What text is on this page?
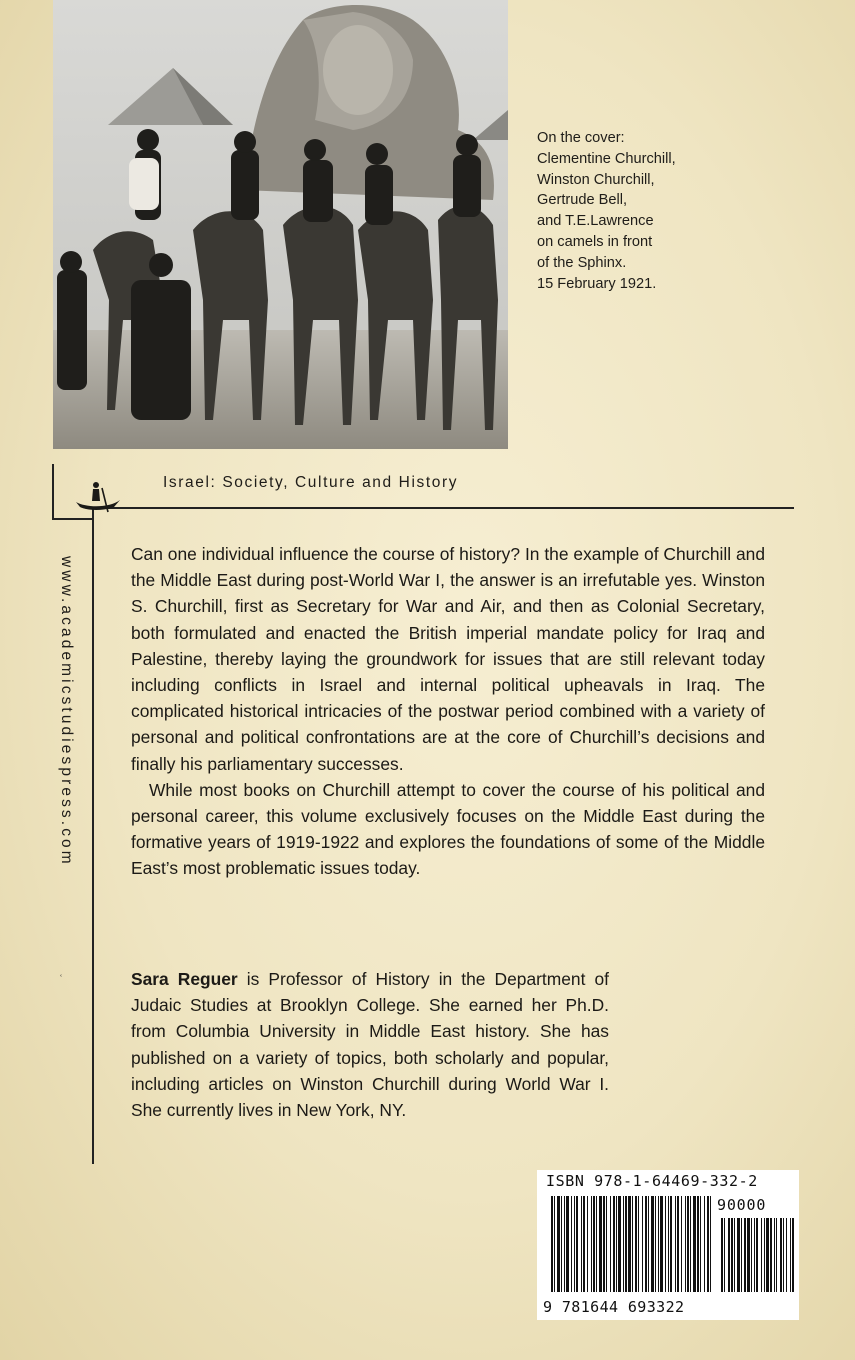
On the cover:
Clementine Churchill,
Winston Churchill,
Gertrude Bell,
and T.E.Lawrence
on camels in front
of the Sphinx.
15 February 1921.
Israel: Society, Culture and History
www.academicstudiespress.com
ʿ

Can one individual influence the course of history? In the example of Churchill and the Middle East during post-World War I, the answer is an irrefutable yes. Winston S. Churchill, first as Secretary for War and Air, and then as Colonial Secretary, both formulated and enacted the British imperial mandate policy for Iraq and Palestine, thereby laying the groundwork for issues that are still relevant today including conflicts in Israel and internal political upheavals in Iraq. The complicated historical intricacies of the postwar period combined with a variety of personal and political confrontations are at the core of Churchill’s decisions and finally his parliamentary successes.

While most books on Churchill attempt to cover the course of his political and personal career, this volume exclusively focuses on the Middle East during the formative years of 1919-1922 and explores the foundations of some of the Middle East’s most problematic issues today.

Sara Reguer is Professor of History in the Department of Judaic Studies at Brooklyn College. She earned her Ph.D. from Columbia University in Middle East history. She has published on a variety of topics, both scholarly and popular, including articles on Winston Churchill during World War I. She currently lives in New York, NY.
ISBN 978-1-64469-332-2
90000
9 781644 693322
